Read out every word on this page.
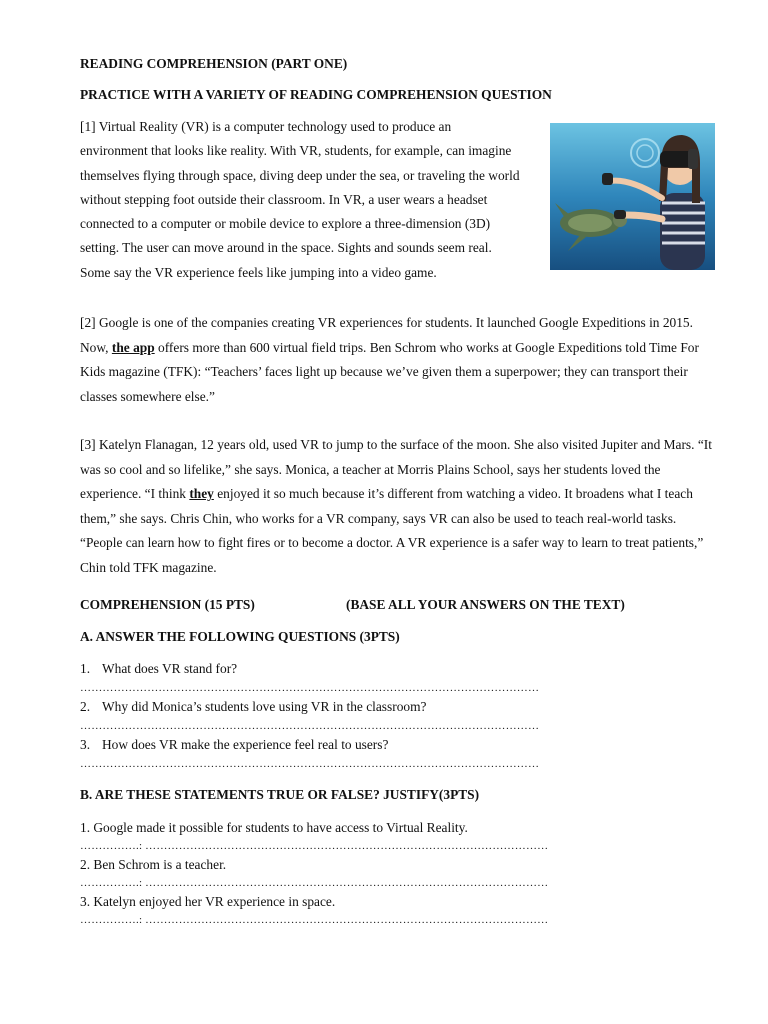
READING COMPREHENSION (PART ONE)

PRACTICE WITH A VARIETY OF READING COMPREHENSION QUESTION

[1] Virtual Reality (VR) is a computer technology used to produce an environment that looks like reality. With VR, students, for example, can imagine themselves flying through space, diving deep under the sea, or traveling the world without stepping foot outside their classroom. In VR, a user wears a headset connected to a computer or mobile device to explore a three-dimension (3D) setting. The user can move around in the space. Sights and sounds seem real. Some say the VR experience feels like jumping into a video game.

[2] Google is one of the companies creating VR experiences for students. It launched Google Expeditions in 2015. Now, the app offers more than 600 virtual field trips. Ben Schrom who works at Google Expeditions told Time For Kids magazine (TFK): “Teachers’ faces light up because we’ve given them a superpower; they can transport their classes somewhere else.”

[3] Katelyn Flanagan, 12 years old, used VR to jump to the surface of the moon. She also visited Jupiter and Mars. “It was so cool and so lifelike,” she says. Monica, a teacher at Morris Plains School, says her students loved the experience. “I think they enjoyed it so much because it’s different from watching a video. It broadens what I teach them,” she says. Chris Chin, who works for a VR company, says VR can also be used to teach real-world tasks. “People can learn how to fight fires or to become a doctor. A VR experience is a safer way to learn to treat patients,” Chin told TFK magazine.

COMPREHENSION (15 PTS)	(BASE ALL YOUR ANSWERS ON THE TEXT)

A. ANSWER THE FOLLOWING QUESTIONS (3PTS)

1. What does VR stand for?
……………………………………………………………………………………………………………
2. Why did Monica’s students love using VR in the classroom?
……………………………………………………………………………………………………………
3. How does VR make the experience feel real to users?
……………………………………………………………………………………………………………

B. ARE THESE STATEMENTS TRUE OR FALSE? JUSTIFY(3PTS)

1. Google made it possible for students to have access to Virtual Reality.
…………….: ………………………………………………………………………………………………
2. Ben Schrom is a teacher.
…………….: ………………………………………………………………………………………………
3. Katelyn enjoyed her VR experience in space.
…………….: ………………………………………………………………………………………………
